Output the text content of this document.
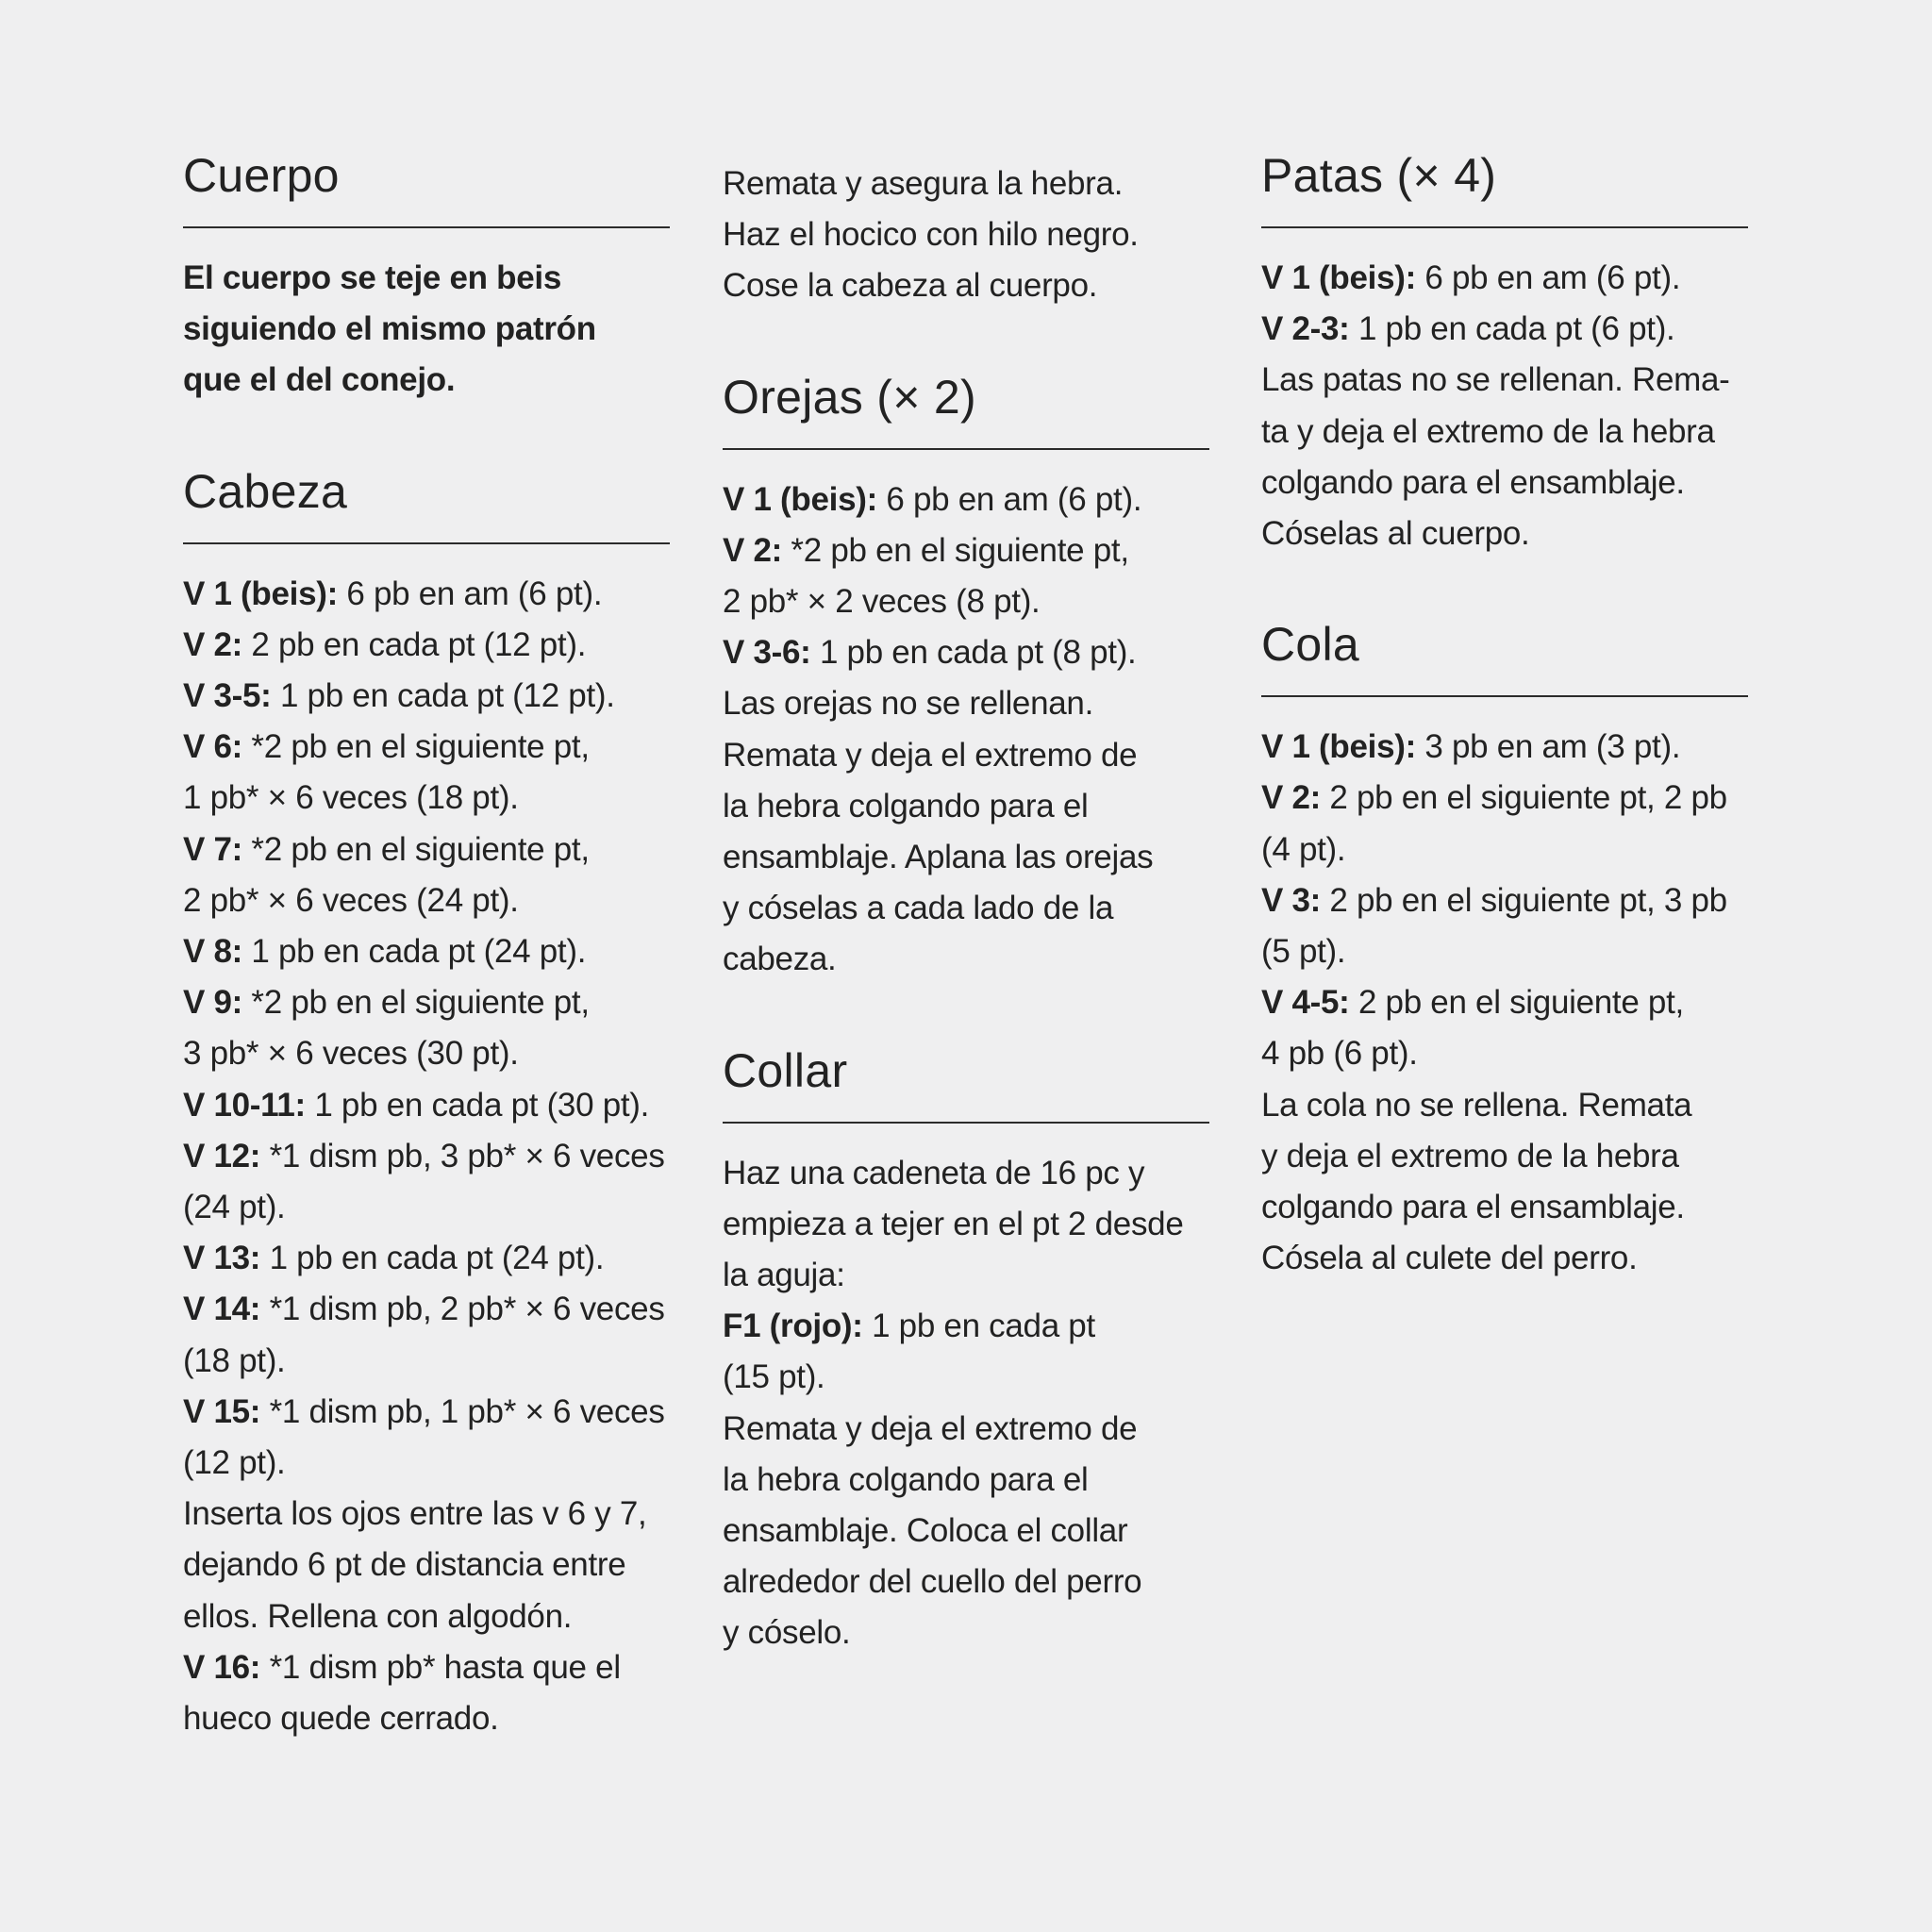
Cuerpo
El cuerpo se teje en beis
siguiendo el mismo patrón
que el del conejo.
Cabeza
V 1 (beis): 6 pb en am (6 pt).
V 2: 2 pb en cada pt (12 pt).
V 3-5: 1 pb en cada pt (12 pt).
V 6: *2 pb en el siguiente pt,
1 pb* × 6 veces (18 pt).
V 7: *2 pb en el siguiente pt,
2 pb* × 6 veces (24 pt).
V 8: 1 pb en cada pt (24 pt).
V 9: *2 pb en el siguiente pt,
3 pb* × 6 veces (30 pt).
V 10-11: 1 pb en cada pt (30 pt).
V 12: *1 dism pb, 3 pb* × 6 veces
(24 pt).
V 13: 1 pb en cada pt (24 pt).
V 14: *1 dism pb, 2 pb* × 6 veces
(18 pt).
V 15: *1 dism pb, 1 pb* × 6 veces
(12 pt).
Inserta los ojos entre las v 6 y 7,
dejando 6 pt de distancia entre
ellos. Rellena con algodón.
V 16: *1 dism pb* hasta que el
hueco quede cerrado.
Remata y asegura la hebra.
Haz el hocico con hilo negro.
Cose la cabeza al cuerpo.
Orejas (× 2)
V 1 (beis): 6 pb en am (6 pt).
V 2: *2 pb en el siguiente pt,
2 pb* × 2 veces (8 pt).
V 3-6: 1 pb en cada pt (8 pt).
Las orejas no se rellenan.
Remata y deja el extremo de
la hebra colgando para el
ensamblaje. Aplana las orejas
y cóselas a cada lado de la
cabeza.
Collar
Haz una cadeneta de 16 pc y
empieza a tejer en el pt 2 desde
la aguja:
F1 (rojo): 1 pb en cada pt
(15 pt).
Remata y deja el extremo de
la hebra colgando para el
ensamblaje. Coloca el collar
alrededor del cuello del perro
y cóselo.
Patas (× 4)
V 1 (beis): 6 pb en am (6 pt).
V 2-3: 1 pb en cada pt (6 pt).
Las patas no se rellenan. Rema-
ta y deja el extremo de la hebra
colgando para el ensamblaje.
Cóselas al cuerpo.
Cola
V 1 (beis): 3 pb en am (3 pt).
V 2: 2 pb en el siguiente pt, 2 pb
(4 pt).
V 3: 2 pb en el siguiente pt, 3 pb
(5 pt).
V 4-5: 2 pb en el siguiente pt,
4 pb (6 pt).
La cola no se rellena. Remata
y deja el extremo de la hebra
colgando para el ensamblaje.
Cósela al culete del perro.
